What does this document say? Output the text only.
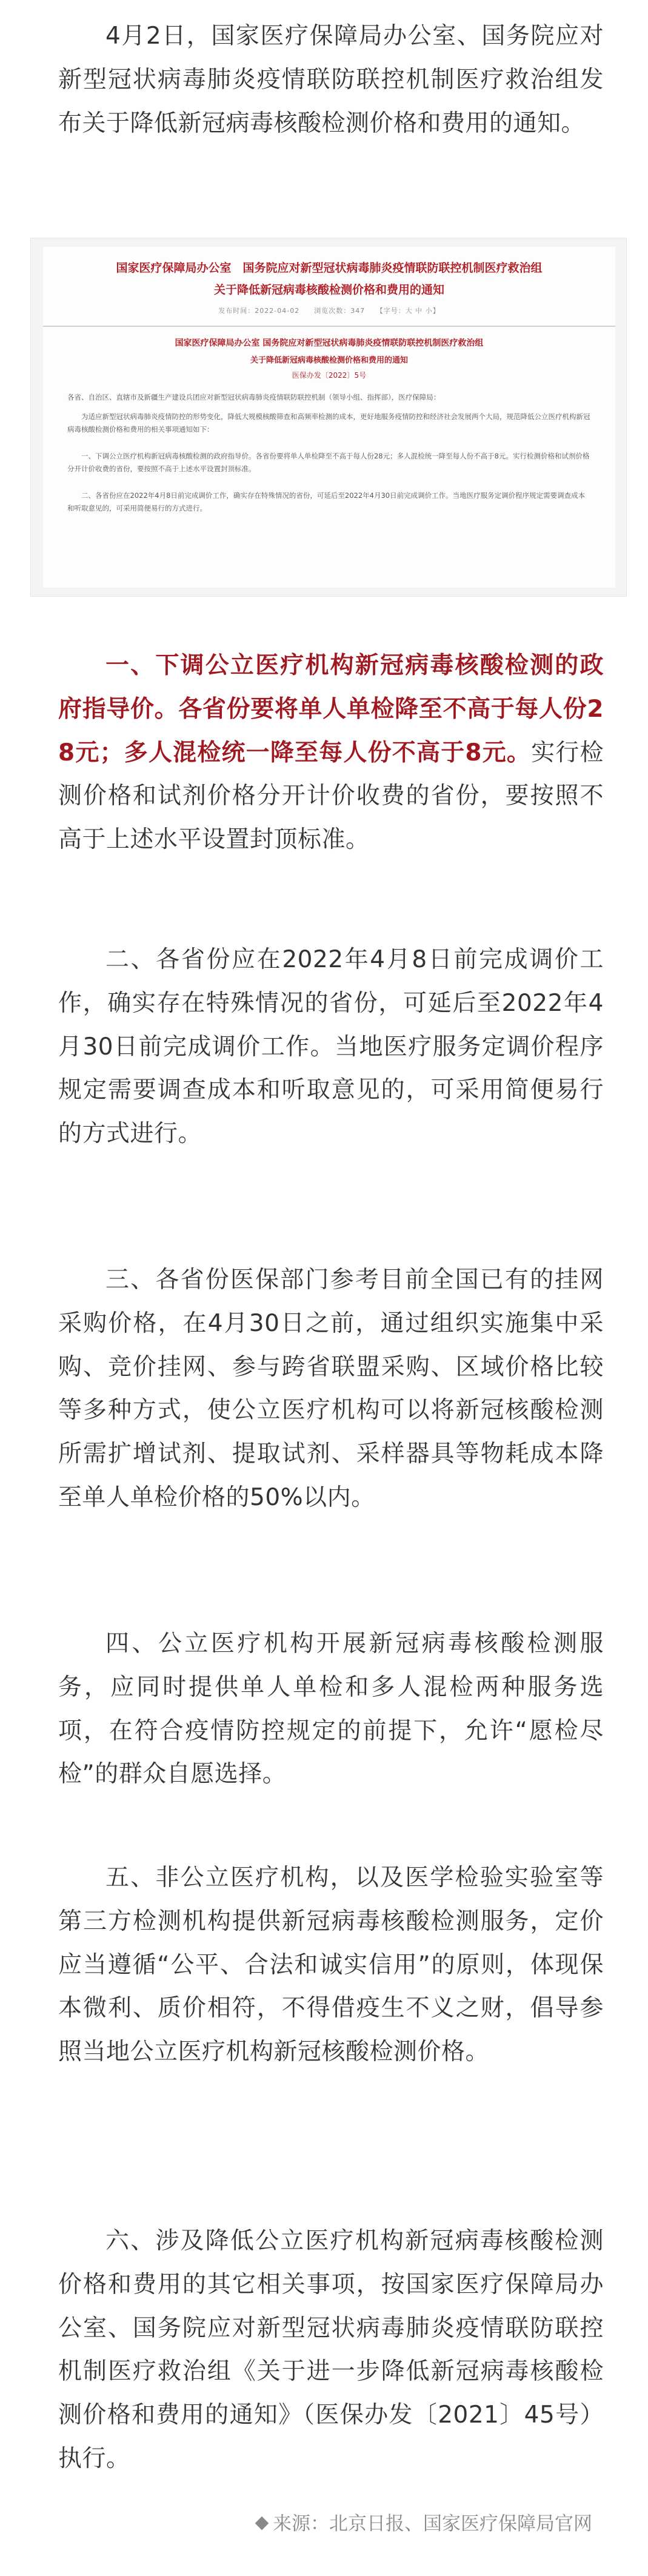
4月2日，国家医疗保障局办公室、国务院应对新型冠状病毒肺炎疫情联防联控机制医疗救治组发布关于降低新冠病毒核酸检测价格和费用的通知。

国家医疗保障局办公室　国务院应对新型冠状病毒肺炎疫情联防联控机制医疗救治组
关于降低新冠病毒核酸检测价格和费用的通知
发布时间：2022-04-02　　浏览次数：347　　【字号：大 中 小】
国家医疗保障局办公室 国务院应对新型冠状病毒肺炎疫情联防联控机制医疗救治组
关于降低新冠病毒核酸检测价格和费用的通知
医保办发〔2022〕5号
各省、自治区、直辖市及新疆生产建设兵团应对新型冠状病毒肺炎疫情联防联控机制（领导小组、指挥部），医疗保障局：
为适应新型冠状病毒肺炎疫情防控的形势变化，降低大规模核酸筛查和高频率检测的成本，更好地服务疫情防控和经济社会发展两个大局，规范降低公立医疗机构新冠病毒核酸检测价格和费用的相关事项通知如下：
一、下调公立医疗机构新冠病毒核酸检测的政府指导价。各省份要将单人单检降至不高于每人份28元；多人混检统一降至每人份不高于8元。实行检测价格和试剂价格分开计价收费的省份，要按照不高于上述水平设置封顶标准。
二、各省份应在2022年4月8日前完成调价工作，确实存在特殊情况的省份，可延后至2022年4月30日前完成调价工作。当地医疗服务定调价程序规定需要调查成本和听取意见的，可采用简便易行的方式进行。

一、下调公立医疗机构新冠病毒核酸检测的政府指导价。各省份要将单人单检降至不高于每人份28元；多人混检统一降至每人份不高于8元。实行检测价格和试剂价格分开计价收费的省份，要按照不高于上述水平设置封顶标准。

二、各省份应在2022年4月8日前完成调价工作，确实存在特殊情况的省份，可延后至2022年4月30日前完成调价工作。当地医疗服务定调价程序规定需要调查成本和听取意见的，可采用简便易行的方式进行。

三、各省份医保部门参考目前全国已有的挂网采购价格，在4月30日之前，通过组织实施集中采购、竞价挂网、参与跨省联盟采购、区域价格比较等多种方式，使公立医疗机构可以将新冠核酸检测所需扩增试剂、提取试剂、采样器具等物耗成本降至单人单检价格的50%以内。

四、公立医疗机构开展新冠病毒核酸检测服务，应同时提供单人单检和多人混检两种服务选项，在符合疫情防控规定的前提下，允许“愿检尽检”的群众自愿选择。

五、非公立医疗机构，以及医学检验实验室等第三方检测机构提供新冠病毒核酸检测服务，定价应当遵循“公平、合法和诚实信用”的原则，体现保本微利、质价相符，不得借疫生不义之财，倡导参照当地公立医疗机构新冠核酸检测价格。

六、涉及降低公立医疗机构新冠病毒核酸检测价格和费用的其它相关事项，按国家医疗保障局办公室、国务院应对新型冠状病毒肺炎疫情联防联控机制医疗救治组《关于进一步降低新冠病毒核酸检测价格和费用的通知》（医保办发〔2021〕45号）执行。

来源：北京日报、国家医疗保障局官网
